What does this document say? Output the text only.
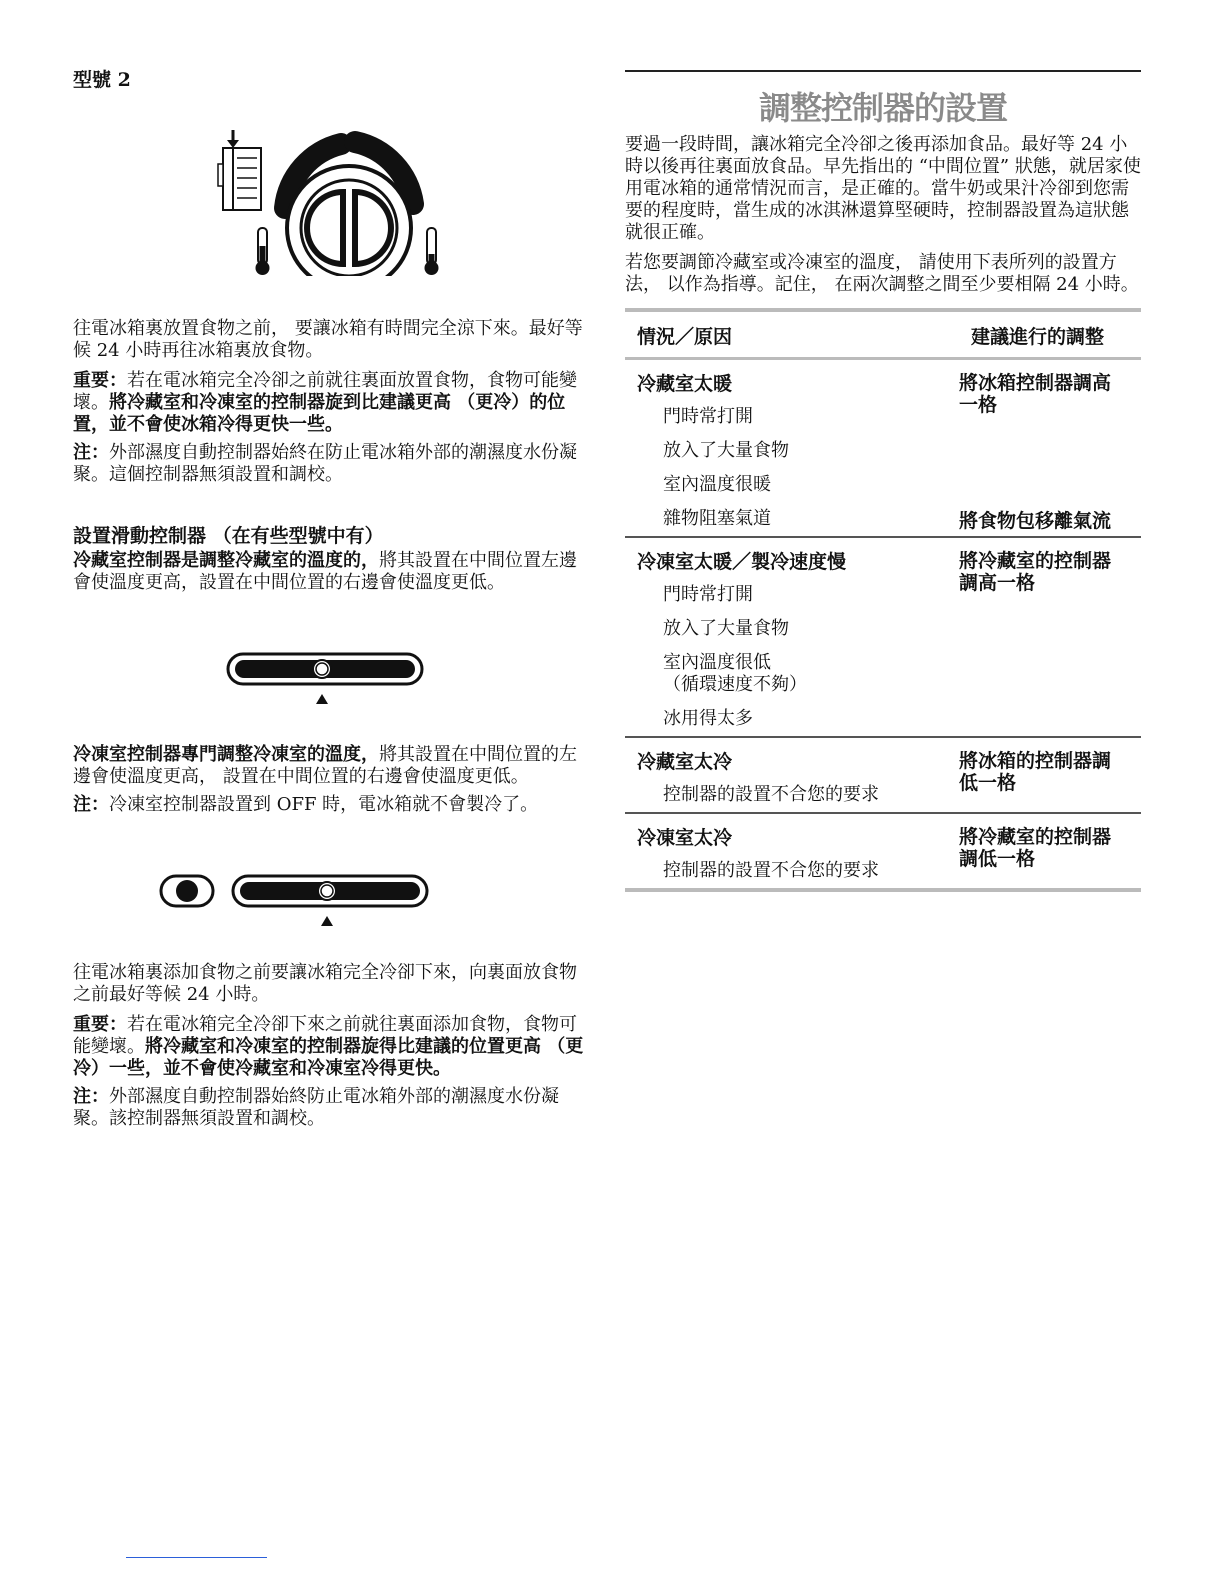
型號 2

往電冰箱裏放置食物之前， 要讓冰箱有時間完全涼下來。最好等候 24 小時再往冰箱裏放食物。

重要：若在電冰箱完全冷卻之前就往裏面放置食物，食物可能變壞。將冷藏室和冷凍室的控制器旋到比建議更高 （更冷）的位置，並不會使冰箱冷得更快一些。

注：外部濕度自動控制器始終在防止電冰箱外部的潮濕度水份凝聚。這個控制器無須設置和調校。

設置滑動控制器 （在有些型號中有）

冷藏室控制器是調整冷藏室的溫度的，將其設置在中間位置左邊會使溫度更高，設置在中間位置的右邊會使溫度更低。

冷凍室控制器專門調整冷凍室的溫度，將其設置在中間位置的左邊會使溫度更高， 設置在中間位置的右邊會使溫度更低。

注：冷凍室控制器設置到 OFF 時，電冰箱就不會製冷了。

往電冰箱裏添加食物之前要讓冰箱完全冷卻下來，向裏面放食物之前最好等候 24 小時。

重要：若在電冰箱完全冷卻下來之前就往裏面添加食物，食物可能變壞。將冷藏室和冷凍室的控制器旋得比建議的位置更高 （更冷）一些，並不會使冷藏室和冷凍室冷得更快。

注：外部濕度自動控制器始終防止電冰箱外部的潮濕度水份凝聚。該控制器無須設置和調校。

調整控制器的設置

要過一段時間，讓冰箱完全冷卻之後再添加食品。最好等 24 小時以後再往裏面放食品。早先指出的 “中間位置” 狀態，就居家使用電冰箱的通常情況而言，是正確的。當牛奶或果汁冷卻到您需要的程度時，當生成的冰淇淋還算堅硬時，控制器設置為這狀態就很正確。

若您要調節冷藏室或冷凍室的溫度， 請使用下表所列的設置方法， 以作為指導。記住， 在兩次調整之間至少要相隔 24 小時。

情況／原因	建議進行的調整
冷藏室太暖	將冰箱控制器調高一格
門時常打開	
放入了大量食物	
室內溫度很暖	
雜物阻塞氣道	將食物包移離氣流
冷凍室太暖／製冷速度慢	將冷藏室的控制器調高一格
門時常打開	
放入了大量食物	
室內溫度很低
（循環速度不夠）	
冰用得太多	
冷藏室太冷	將冰箱的控制器調低一格
控制器的設置不合您的要求	
冷凍室太冷	將冷藏室的控制器調低一格
控制器的設置不合您的要求	
